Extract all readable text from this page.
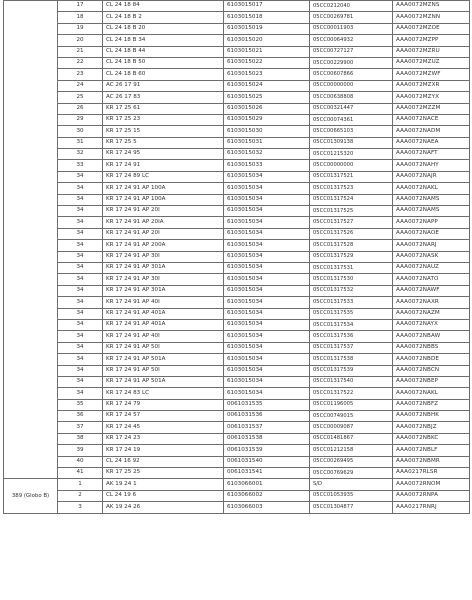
	17	CL 24 18 84	6103015017	05CC0212040	AAA0072MZNS
	18	CL 24 18 B 2	6103015018	05CC00269781	AAA0072MZNN
	19	CL 24 18 B 20	6103015019	05CC00011903	AAA0072MZOE
	20	CL 24 18 B 34	6103015020	05CC00064932	AAA0072MZPP
	21	CL 24 18 B 44	6103015021	05CC00727127	AAA0072MZRU
	22	CL 24 18 B 50	6103015022	05CC00229900	AAA0072MZUZ
	23	CL 24 18 B 60	6103015023	05CC00607866	AAA0072MZWF
	24	AC 26 17 91	6103015024	05CC00000000	AAA0072MZXR
	25	AC 26 17 83	6103015025	05CC00638808	AAA0072MZYX
	26	KR 17 25 61	6103015026	05CC00321447	AAA0072MZZM
	29	KR 17 25 23	6103015029	05CC00074361	AAA0072NACE
	30	KR 17 25 15	6103015030	05CC00665103	AAA0072NADM
	31	KR 17 25 5	6103015031	05CC01309138	AAA0072NAEA
	32	KR 17 24 95	6103015032	05CC01215320	AAA0072NAFT
	33	KR 17 24 91	6103015033	05CC00000000	AAA0072NAHY
	34	KR 17 24 89 LC	6103015034	05CC01317521	AAA0072NAJR
	34	KR 17 24 91 AP 100A	6103015034	05CC01317523	AAA0072NAKL
	34	KR 17 24 91 AP 100A	6103015034	05CC01317524	AAA0072NAMS
	34	KR 17 24 91 AP 20I	6103015034	05CC01317525	AAA0072NAMS
	34	KR 17 24 91 AP 20IA	6103015034	05CC01317527	AAA0072NAPP
	34	KR 17 24 91 AP 20I	6103015034	05CC01317526	AAA0072NAOE
	34	KR 17 24 91 AP 200A	6103015034	05CC01317528	AAA0072NARJ
	34	KR 17 24 91 AP 30I	6103015034	05CC01317529	AAA0072NASK
	34	KR 17 24 91 AP 301A	6103015034	05CC01317531	AAA0072NAUZ
	34	KR 17 24 91 AP 30I	6103015034	05CC01317530	AAA0072NATO
	34	KR 17 24 91 AP 301A	6103015034	05CC01317532	AAA0072NAWF
	34	KR 17 24 91 AP 40I	6103015034	05CC01317533	AAA0072NAXR
	34	KR 17 24 91 AP 401A	6103015034	05CC01317535	AAA0072NAZM
	34	KR 17 24 91 AP 401A	6103015034	05CC01317534	AAA0072NAYX
	34	KR 17 24 91 AP 40I	6103015034	05CC01317536	AAA0072NBAW
	34	KR 17 24 91 AP 50I	6103015034	05CC01317537	AAA0072NBBS
	34	KR 17 24 91 AP 501A	6103015034	05CC01317538	AAA0072NBDE
	34	KR 17 24 91 AP 50I	6103015034	05CC01317539	AAA0072NBCN
	34	KR 17 24 91 AP 501A	6103015034	05CC01317540	AAA0072NBEP
	34	KR 17 24 83 LC	6103015034	05CC01317522	AAA0072NAKL
	35	KR 17 24 79	0061031535	05CC01196005	AAA0072NBFZ
	36	KR 17 24 57	0061031536	05CC00749015	AAA0072NBHK
	37	KR 17 24 45	0061031537	05CC00009087	AAA0072NBJZ
	38	KR 17 24 23	0061031538	05CC01481867	AAA0072NBKC
	39	KR 17 24 19	0061031539	05CC01212158	AAA0072NBLF
	40	CL 24 16 92	0061031540	05CC00269495	AAA0072NBMR
	41	KR 17 25 25	0061031541	05CC00769629	AAA0217RLSR
389 (Globo B)	1	AK 19 24 1	6103066001	S/D	AAA0072RNOM
	2	CL 24 19 6	6103066002	05CC01053935	AAA0072RNPA
	3	AK 19 24 26	6103066003	05CC01304877	AAA0217RNRJ
